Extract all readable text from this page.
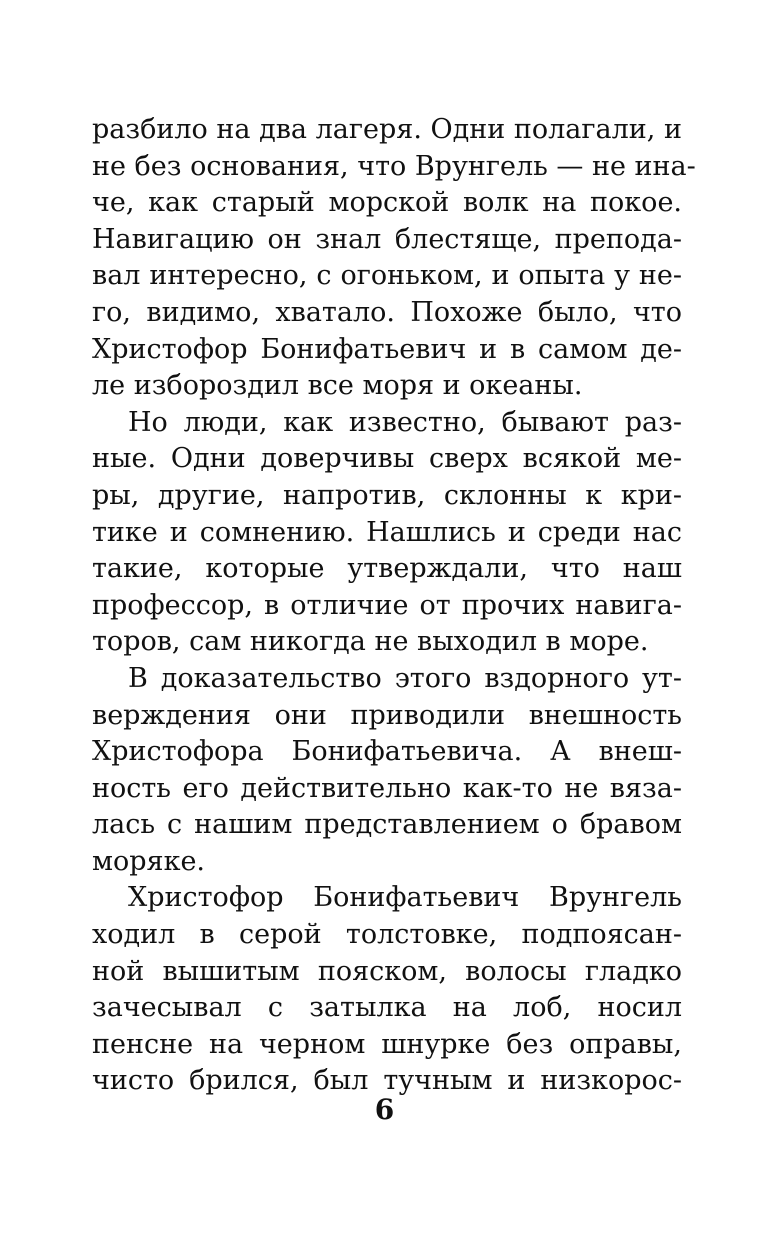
разбило на два лагеря. Одни полагали, и
не без основания, что Врунгель — не ина-
че, как старый морской волк на покое.
Навигацию он знал блестяще, препода-
вал интересно, с огоньком, и опыта у не-
го, видимо, хватало. Похоже было, что
Христофор Бонифатьевич и в самом де-
ле избороздил все моря и океаны.
Но люди, как известно, бывают раз-
ные. Одни доверчивы сверх всякой ме-
ры, другие, напротив, склонны к кри-
тике и сомнению. Нашлись и среди нас
такие, которые утверждали, что наш
профессор, в отличие от прочих навига-
торов, сам никогда не выходил в море.
В доказательство этого вздорного ут-
верждения они приводили внешность
Христофора Бонифатьевича. А внеш-
ность его действительно как-то не вяза-
лась с нашим представлением о бравом
моряке.
Христофор Бонифатьевич Врунгель
ходил в серой толстовке, подпоясан-
ной вышитым пояском, волосы гладко
зачесывал с затылка на лоб, носил
пенсне на черном шнурке без оправы,
чисто брился, был тучным и низкорос-
6
